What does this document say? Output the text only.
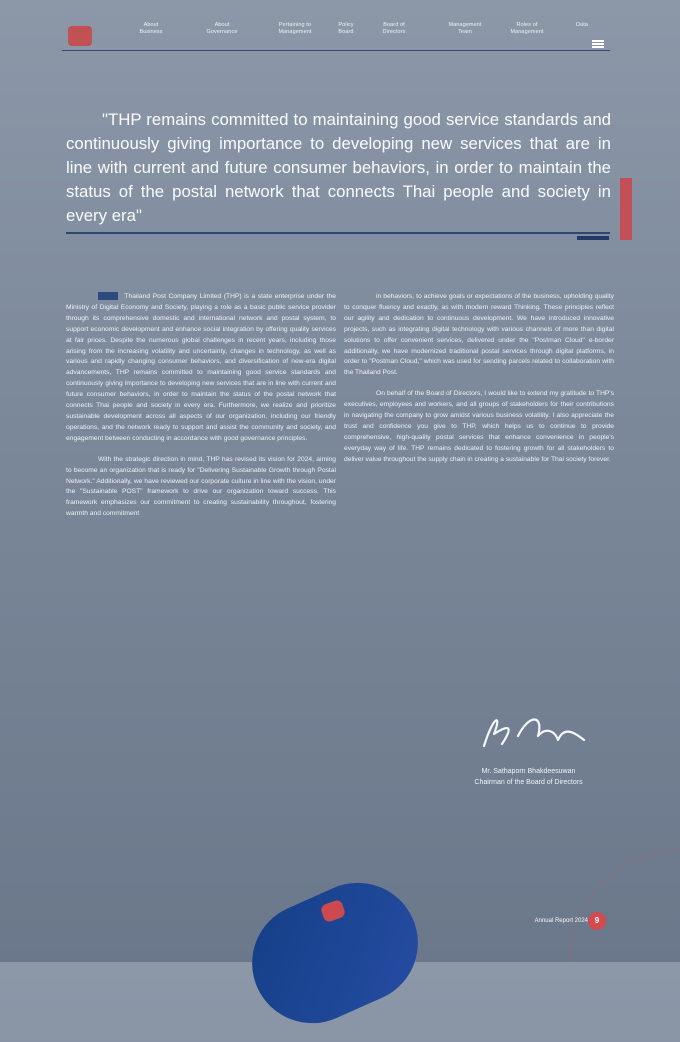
About
Business
About
Governance
Pertaining to
Management
Policy
Board
Board of
Directors
Management
Team
Roles of
Management
Data
"THP remains committed to maintaining good service standards and continuously giving importance to developing new services that are in line with current and future consumer behaviors, in order to maintain the status of the postal network that connects Thai people and society in every era"

Thailand Post Company Limited (THP) is a state enterprise under the Ministry of Digital Economy and Society, playing a role as a basic public service provider through its comprehensive domestic and international network and postal system, to support economic development and enhance social integration by offering quality services at fair prices. Despite the numerous global challenges in recent years, including those arising from the increasing volatility and uncertainty, changes in technology, as well as various and rapidly changing consumer behaviors, and diversification of new-era digital advancements, THP remains committed to maintaining good service standards and continuously giving importance to developing new services that are in line with current and future consumer behaviors, in order to maintain the status of the postal network that connects Thai people and society in every era. Furthermore, we realize and prioritize sustainable development across all aspects of our organization, including our friendly operations, and the network ready to support and assist the community and society, and engagement between conducting in accordance with good governance principles.

With the strategic direction in mind, THP has revised its vision for 2024, aiming to become an organization that is ready for "Delivering Sustainable Growth through Postal Network." Additionally, we have reviewed our corporate culture in line with the vision, under the "Sustainable POST" framework to drive our organization toward success. This framework emphasizes our commitment to creating sustainability throughout, fostering warmth and commitment

in behaviors, to achieve goals or expectations of the business, upholding quality to conquer fluency and exactly, as with modern reward Thinking. These principles reflect our agility and dedication to continuous development. We have introduced innovative projects, such as integrating digital technology with various channels of more than digital solutions to offer convenient services, delivered under the "Postman Cloud" e-border additionally, we have modernized traditional postal services through digital platforms, in order to "Postman Cloud," which was used for sending parcels related to collaboration with the Thailand Post.

On behalf of the Board of Directors, I would like to extend my gratitude to THP's executives, employees and workers, and all groups of stakeholders for their contributions in navigating the company to grow amidst various business volatility. I also appreciate the trust and confidence you give to THP, which helps us to continue to provide comprehensive, high-quality postal services that enhance convenience in people's everyday way of life. THP remains dedicated to fostering growth for all stakeholders to deliver value throughout the supply chain in creating a sustainable for Thai society forever.

Mr. Sathaporn Bhakdeesuwan
Chairman of the Board of Directors
Annual Report 2024 9
